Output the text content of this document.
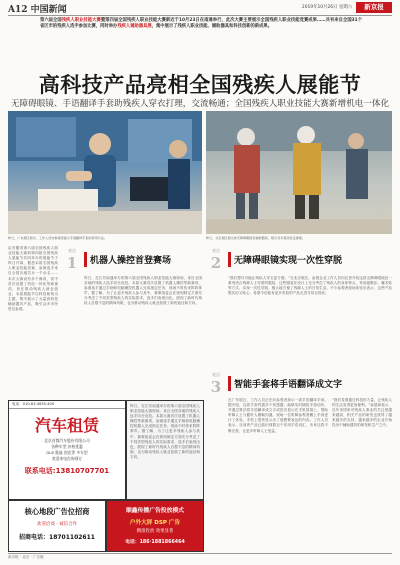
A12 中国新闻	2019年10月26日 星期六	新京报
第六届全国残疾人职业技能大赛暨第四届全国残疾人职业技能大赛新近于10月23日在南通举行，此次大赛主要展示全国残疾人职业技能竞赛成果……共有来自全国31个省区市的残疾人选手参加比赛，同时举办残疾人辅助器具展，集中展示了残疾人职业技能、辅助器具和科技创新的新成果。
高科技产品亮相全国残疾人展能节
无障碍眼镜、手语翻译手套助残疾人穿衣打理，交流畅通；全国残疾人职业技能大赛新增机电一体化
昨日，广东展区展台，工作人员向参观者演示手语翻译手套的使用方法。	昨日，北京展区展出的无障碍眼镜及辅助器具，吸引众多观众驻足参观。
由安徽省第六届全国残疾人职业技能大赛和第四届全国残疾人展能节共同举办的展能节于昨日开幕，据悉本届全国残疾人职业技能竞赛，参赛选手来自全国各地共计一千余名……本次大赛设有多个赛项，其中首次设置了机电一体化等新赛项，旨在推动残疾人就业创业。本届展能节以科技助残为主题，集中展示了大量高科技辅助器具产品，吸引众多市民驻足参观。
亮点
1	机器人操控首登赛场
昨日，在江苏南通举办的第六届全国残疾人职业技能大赛现场，来自全国各地的残疾人选手同台竞技。本届大赛首次设置了机器人操控等新赛项，参赛选手通过手柄和电脑操控机器人完成指定任务，现场不时传来阵阵掌声。据了解，为了让更多残疾人参与其中，赛事组委会在规则制定方面充分考虑了不同类型残疾人的实际需求，选手们表现出色，展现了新时代残疾人自强不息的精神风貌，也为推动残疾人就业拓展了新的途径和方向。
亮点
2	无障碍眼镜实现一次性穿脱
“我们想尽可能让残疾人穿衣更方便。”在北京展区，参展企业工作人员向记者介绍这款无障碍眼镜及一系列适合残障人士穿着的服装，这些服装在设计上充分考虑了残疾人的身体特点，采用磁吸扣、魔术贴等方式，实现一次性穿脱，极大地方便了残障人士的日常生活。不少参观者现场体验后表示，这些产品既实用又贴心，希望今后能有更多类似的产品走进寻常百姓家。
亮点
3	智能手套将手语翻译成文字
在广东展区，工作人员正在向参观者演示一款手语翻译手套。据介绍，这款手套内置多个传感器，能够实时捕捉手指动作，并通过算法将手语翻译成文字或语音显示在手机屏幕上，帮助听障人士与健听人顺畅沟通。现场一位听障参观者戴上手套进行了体验，手机上很快显示出了他想要表达的内容。工作人员表示，目前该产品已能识别数百个常用手语词汇，未来还将不断完善，让更多听障人士受益。
“我们希望通过科技的力量，让残疾人的生活变得更加便利。”参展商表示，近年来国家对残疾人事业的关注度越来越高，相关产品的研发也获得了越来越多的支持，越来越多的企业开始投身于辅助器具的研发和生产之中。
电话：010-63-4635-400
汽车租赁
北京首都汽车股份有限公司
各种车型 价格优惠
GL8 奥迪 别克等 多车型
欢迎来电咨询预订
联系电话:13810707701
昨日，在江苏南通举办的第六届全国残疾人职业技能大赛现场，来自全国各地的残疾人选手同台竞技。本届大赛首次设置了机器人操控等新赛项，参赛选手通过手柄和电脑操控机器人完成指定任务，现场不时传来阵阵掌声。据了解，为了让更多残疾人参与其中，赛事组委会在规则制定方面充分考虑了不同类型残疾人的实际需求，选手们表现出色，展现了新时代残疾人自强不息的精神风貌，也为推动残疾人就业拓展了新的途径和方向。
核心地段广告位招商
欢迎洽谈 · 诚信合作
招商电话：18701102611
顺鑫传播广告投放模式
户外大屏 DSP 广告
精准投放 效果显著
电话：186·1881866464
新京报 · 北京 · 广告版
